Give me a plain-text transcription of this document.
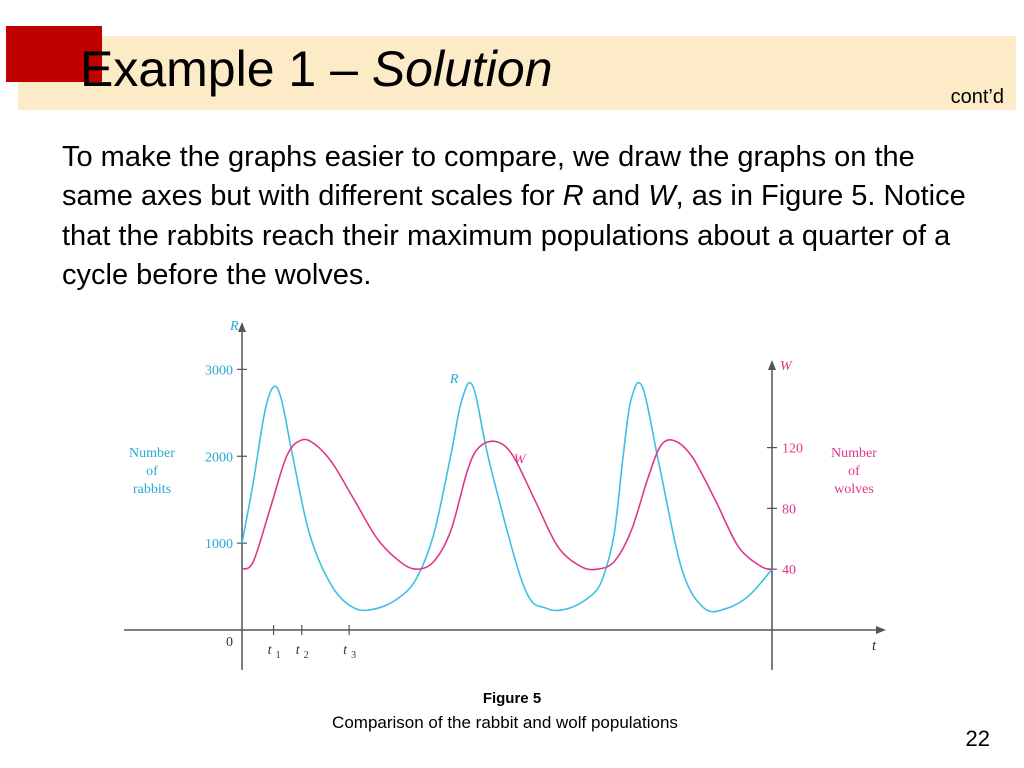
Example 1 – Solution	cont’d

To make the graphs easier to compare, we draw the graphs on the same axes but with different scales for R and W, as in Figure 5. Notice that the rabbits reach their maximum populations about a quarter of a cycle before the wolves.

R
W
t
0
1000
2000
3000
40
80
120
t 1 t 2 t 3
Number
of
rabbits
Number
of
wolves
R
W
Figure 5
Comparison of the rabbit and wolf populations
22
